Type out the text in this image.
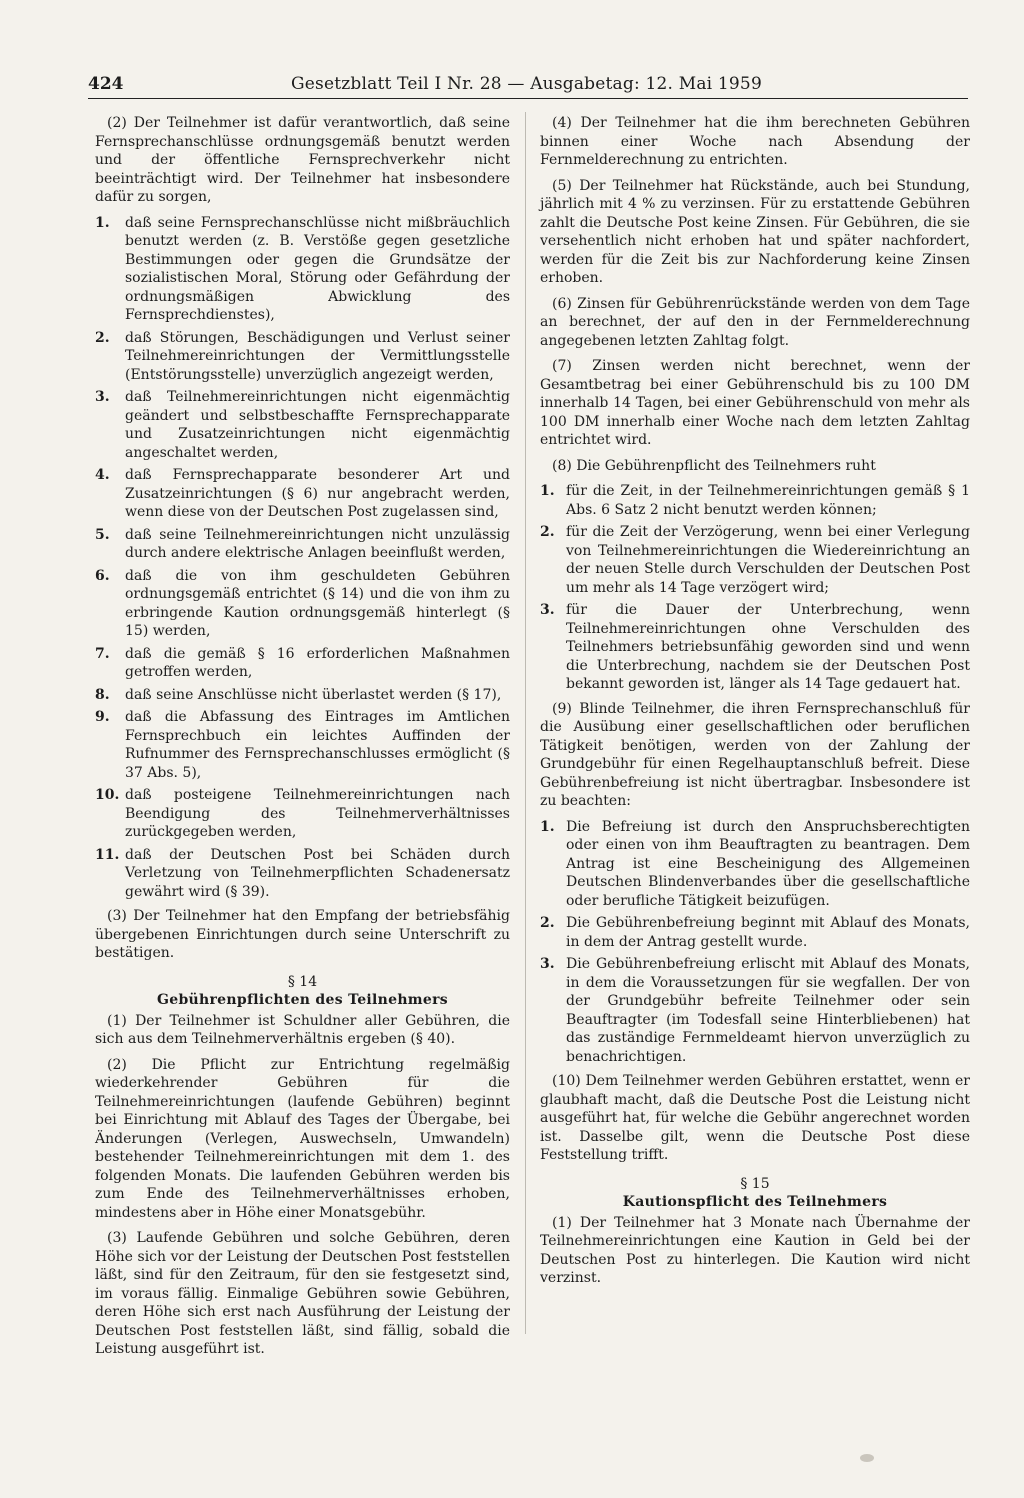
424	Gesetzblatt Teil I Nr. 28 — Ausgabetag: 12. Mai 1959

(2) Der Teilnehmer ist dafür verantwortlich, daß seine Fernsprechanschlüsse ordnungsgemäß benutzt werden und der öffentliche Fernsprechverkehr nicht beeinträchtigt wird. Der Teilnehmer hat insbesondere dafür zu sorgen,

1. daß seine Fernsprechanschlüsse nicht mißbräuchlich benutzt werden (z. B. Verstöße gegen gesetzliche Bestimmungen oder gegen die Grundsätze der sozialistischen Moral, Störung oder Gefährdung der ordnungsmäßigen Abwicklung des Fernsprechdienstes),
2. daß Störungen, Beschädigungen und Verlust seiner Teilnehmereinrichtungen der Vermittlungsstelle (Entstörungsstelle) unverzüglich angezeigt werden,
3. daß Teilnehmereinrichtungen nicht eigenmächtig geändert und selbstbeschaffte Fernsprechapparate und Zusatzeinrichtungen nicht eigenmächtig angeschaltet werden,
4. daß Fernsprechapparate besonderer Art und Zusatzeinrichtungen (§ 6) nur angebracht werden, wenn diese von der Deutschen Post zugelassen sind,
5. daß seine Teilnehmereinrichtungen nicht unzulässig durch andere elektrische Anlagen beeinflußt werden,
6. daß die von ihm geschuldeten Gebühren ordnungsgemäß entrichtet (§ 14) und die von ihm zu erbringende Kaution ordnungsgemäß hinterlegt (§ 15) werden,
7. daß die gemäß § 16 erforderlichen Maßnahmen getroffen werden,
8. daß seine Anschlüsse nicht überlastet werden (§ 17),
9. daß die Abfassung des Eintrages im Amtlichen Fernsprechbuch ein leichtes Auffinden der Rufnummer des Fernsprechanschlusses ermöglicht (§ 37 Abs. 5),
10. daß posteigene Teilnehmereinrichtungen nach Beendigung des Teilnehmerverhältnisses zurückgegeben werden,
11. daß der Deutschen Post bei Schäden durch Verletzung von Teilnehmerpflichten Schadenersatz gewährt wird (§ 39).

(3) Der Teilnehmer hat den Empfang der betriebsfähig übergebenen Einrichtungen durch seine Unterschrift zu bestätigen.

§ 14
Gebührenpflichten des Teilnehmers

(1) Der Teilnehmer ist Schuldner aller Gebühren, die sich aus dem Teilnehmerverhältnis ergeben (§ 40).

(2) Die Pflicht zur Entrichtung regelmäßig wiederkehrender Gebühren für die Teilnehmereinrichtungen (laufende Gebühren) beginnt bei Einrichtung mit Ablauf des Tages der Übergabe, bei Änderungen (Verlegen, Auswechseln, Umwandeln) bestehender Teilnehmereinrichtungen mit dem 1. des folgenden Monats. Die laufenden Gebühren werden bis zum Ende des Teilnehmerverhältnisses erhoben, mindestens aber in Höhe einer Monatsgebühr.

(3) Laufende Gebühren und solche Gebühren, deren Höhe sich vor der Leistung der Deutschen Post feststellen läßt, sind für den Zeitraum, für den sie festgesetzt sind, im voraus fällig. Einmalige Gebühren sowie Gebühren, deren Höhe sich erst nach Ausführung der Leistung der Deutschen Post feststellen läßt, sind fällig, sobald die Leistung ausgeführt ist.

(4) Der Teilnehmer hat die ihm berechneten Gebühren binnen einer Woche nach Absendung der Fernmelderechnung zu entrichten.

(5) Der Teilnehmer hat Rückstände, auch bei Stundung, jährlich mit 4 % zu verzinsen. Für zu erstattende Gebühren zahlt die Deutsche Post keine Zinsen. Für Gebühren, die sie versehentlich nicht erhoben hat und später nachfordert, werden für die Zeit bis zur Nachforderung keine Zinsen erhoben.

(6) Zinsen für Gebührenrückstände werden von dem Tage an berechnet, der auf den in der Fernmelderechnung angegebenen letzten Zahltag folgt.

(7) Zinsen werden nicht berechnet, wenn der Gesamtbetrag bei einer Gebührenschuld bis zu 100 DM innerhalb 14 Tagen, bei einer Gebührenschuld von mehr als 100 DM innerhalb einer Woche nach dem letzten Zahltag entrichtet wird.

(8) Die Gebührenpflicht des Teilnehmers ruht

1. für die Zeit, in der Teilnehmereinrichtungen gemäß § 1 Abs. 6 Satz 2 nicht benutzt werden können;
2. für die Zeit der Verzögerung, wenn bei einer Verlegung von Teilnehmereinrichtungen die Wiedereinrichtung an der neuen Stelle durch Verschulden der Deutschen Post um mehr als 14 Tage verzögert wird;
3. für die Dauer der Unterbrechung, wenn Teilnehmereinrichtungen ohne Verschulden des Teilnehmers betriebsunfähig geworden sind und wenn die Unterbrechung, nachdem sie der Deutschen Post bekannt geworden ist, länger als 14 Tage gedauert hat.

(9) Blinde Teilnehmer, die ihren Fernsprechanschluß für die Ausübung einer gesellschaftlichen oder beruflichen Tätigkeit benötigen, werden von der Zahlung der Grundgebühr für einen Regelhauptanschluß befreit. Diese Gebührenbefreiung ist nicht übertragbar. Insbesondere ist zu beachten:

1. Die Befreiung ist durch den Anspruchsberechtigten oder einen von ihm Beauftragten zu beantragen. Dem Antrag ist eine Bescheinigung des Allgemeinen Deutschen Blindenverbandes über die gesellschaftliche oder berufliche Tätigkeit beizufügen.
2. Die Gebührenbefreiung beginnt mit Ablauf des Monats, in dem der Antrag gestellt wurde.
3. Die Gebührenbefreiung erlischt mit Ablauf des Monats, in dem die Voraussetzungen für sie wegfallen. Der von der Grundgebühr befreite Teilnehmer oder sein Beauftragter (im Todesfall seine Hinterbliebenen) hat das zuständige Fernmeldeamt hiervon unverzüglich zu benachrichtigen.

(10) Dem Teilnehmer werden Gebühren erstattet, wenn er glaubhaft macht, daß die Deutsche Post die Leistung nicht ausgeführt hat, für welche die Gebühr angerechnet worden ist. Dasselbe gilt, wenn die Deutsche Post diese Feststellung trifft.

§ 15
Kautionspflicht des Teilnehmers

(1) Der Teilnehmer hat 3 Monate nach Übernahme der Teilnehmereinrichtungen eine Kaution in Geld bei der Deutschen Post zu hinterlegen. Die Kaution wird nicht verzinst.
